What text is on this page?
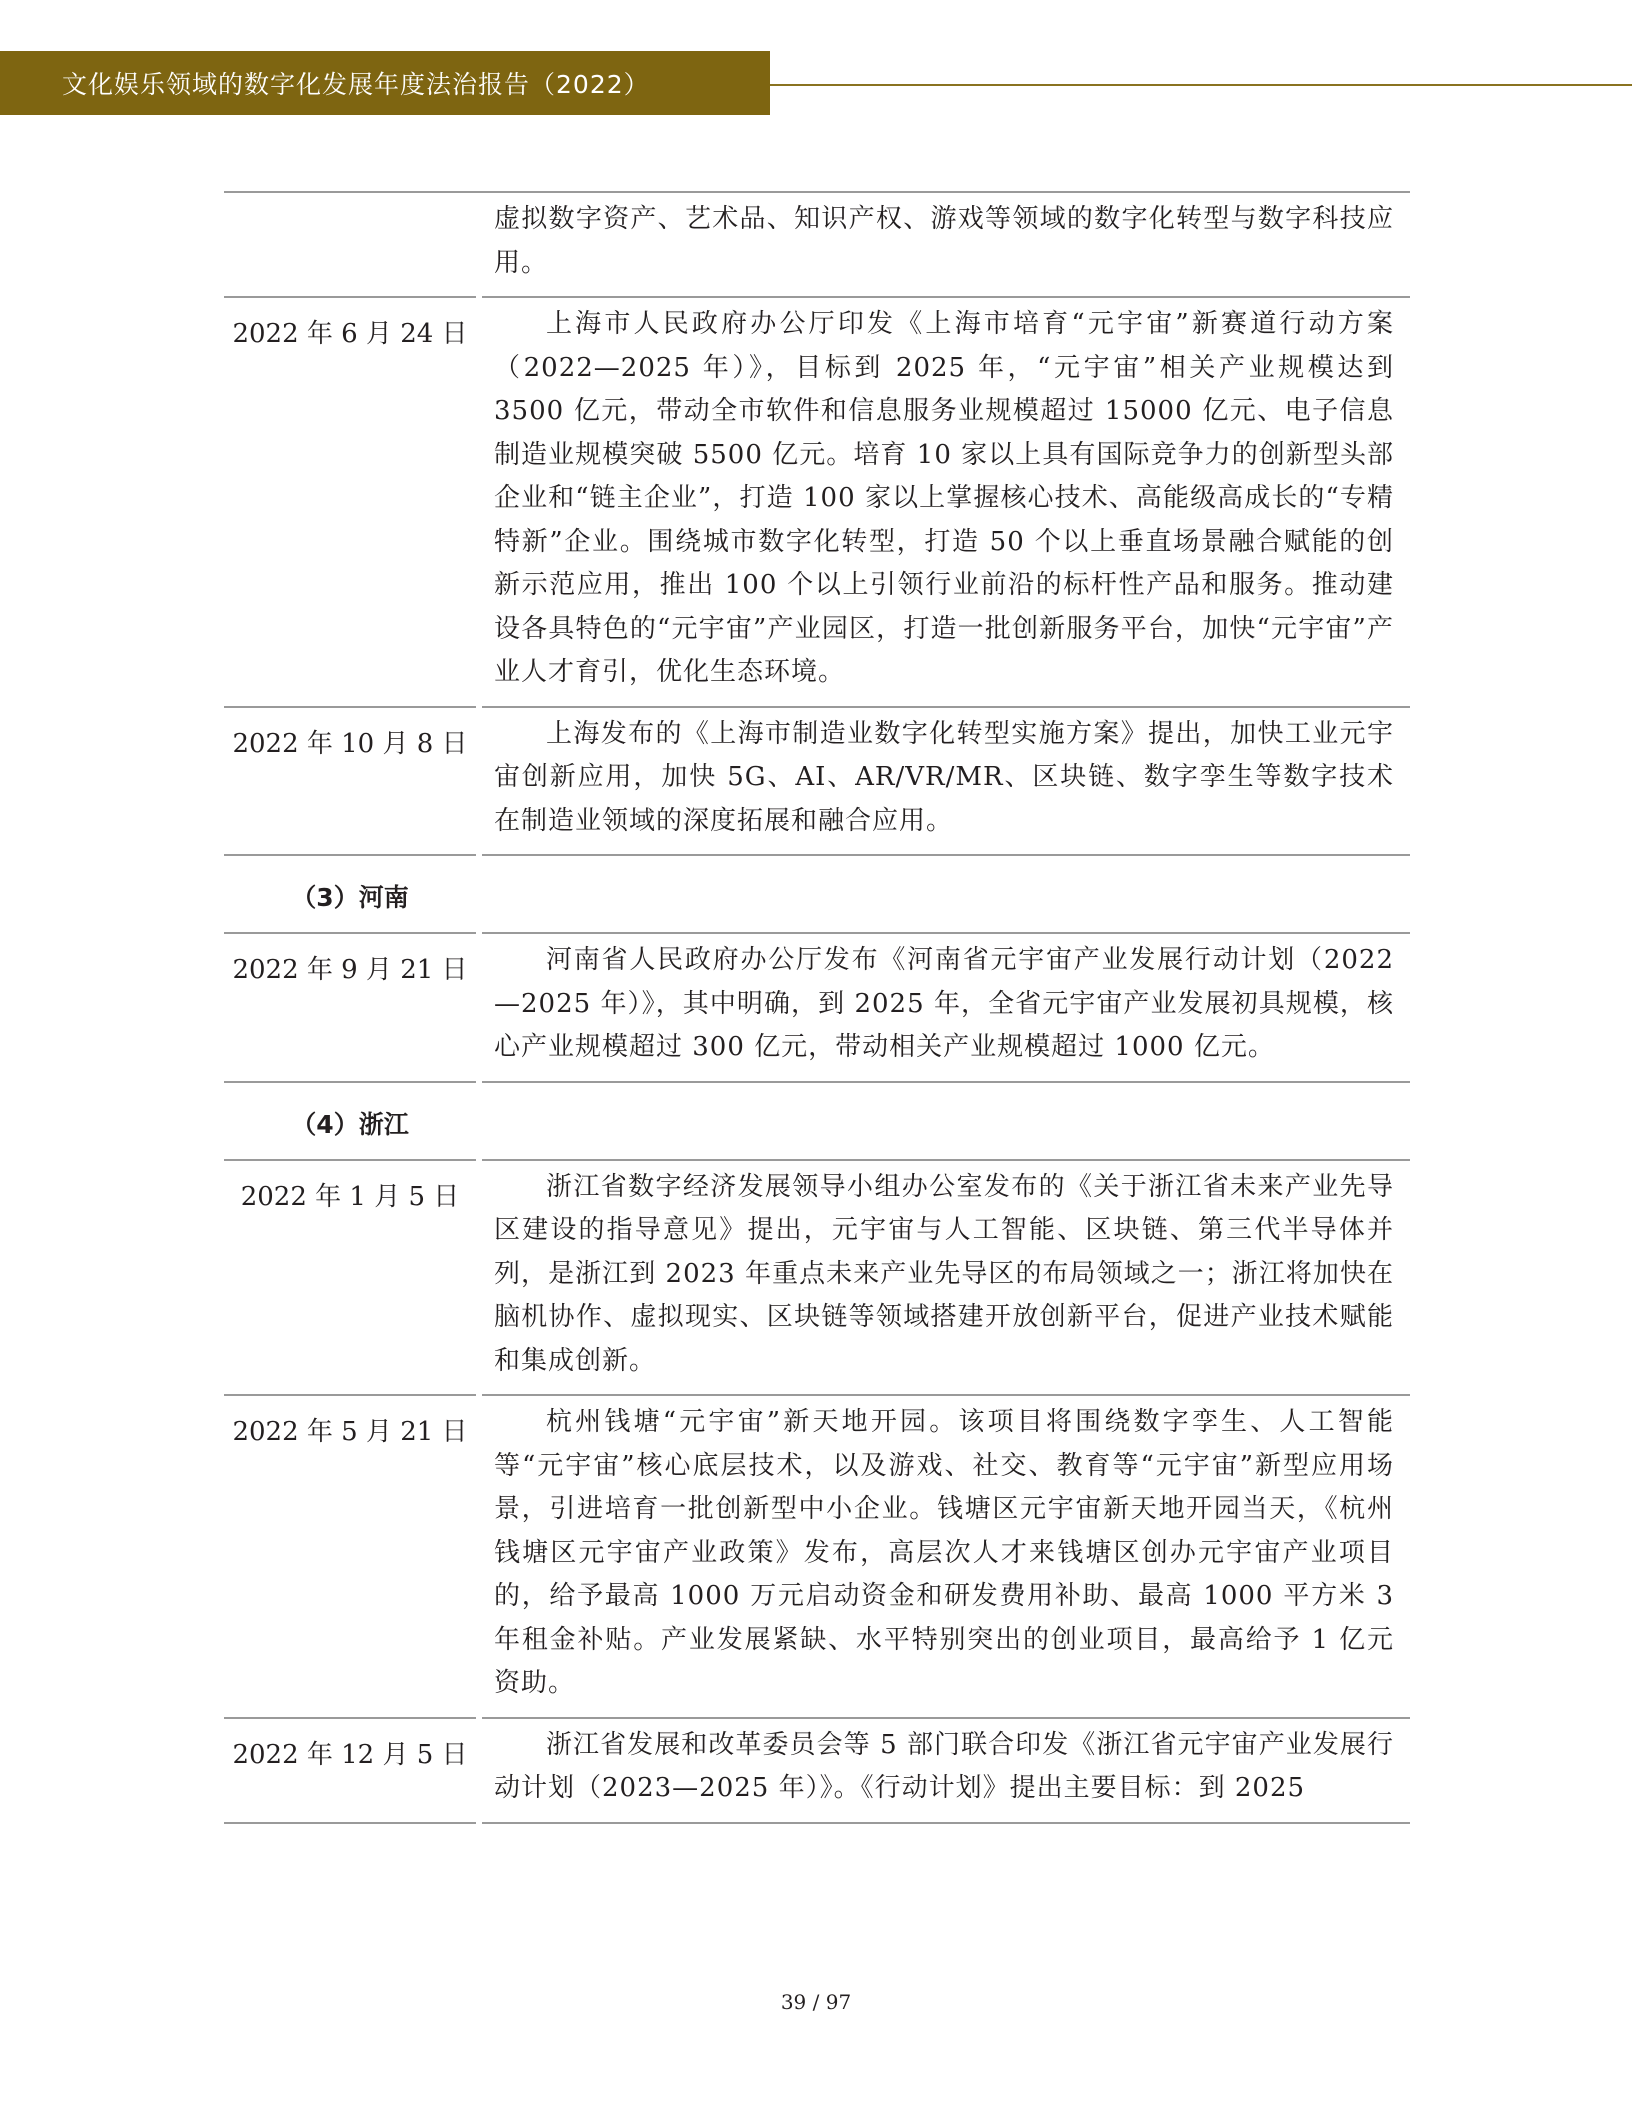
文化娱乐领域的数字化发展年度法治报告（2022）
虚拟数字资产、艺术品、知识产权、游戏等领域的数字化转型与数字科技应用。
2022 年 6 月 24 日	上海市人民政府办公厅印发《上海市培育“元宇宙”新赛道行动方案（2022—2025 年）》，目标到 2025 年，“元宇宙”相关产业规模达到 3500 亿元，带动全市软件和信息服务业规模超过 15000 亿元、电子信息制造业规模突破 5500 亿元。培育 10 家以上具有国际竞争力的创新型头部企业和“链主企业”，打造 100 家以上掌握核心技术、高能级高成长的“专精特新”企业。围绕城市数字化转型，打造 50 个以上垂直场景融合赋能的创新示范应用，推出 100 个以上引领行业前沿的标杆性产品和服务。推动建设各具特色的“元宇宙”产业园区，打造一批创新服务平台，加快“元宇宙”产业人才育引，优化生态环境。
2022 年 10 月 8 日	上海发布的《上海市制造业数字化转型实施方案》提出，加快工业元宇宙创新应用，加快 5G、AI、AR/VR/MR、区块链、数字孪生等数字技术在制造业领域的深度拓展和融合应用。
（3）河南
2022 年 9 月 21 日	河南省人民政府办公厅发布《河南省元宇宙产业发展行动计划（2022—2025 年）》，其中明确，到 2025 年，全省元宇宙产业发展初具规模，核心产业规模超过 300 亿元，带动相关产业规模超过 1000 亿元。
（4）浙江
2022 年 1 月 5 日	浙江省数字经济发展领导小组办公室发布的《关于浙江省未来产业先导区建设的指导意见》提出，元宇宙与人工智能、区块链、第三代半导体并列，是浙江到 2023 年重点未来产业先导区的布局领域之一；浙江将加快在脑机协作、虚拟现实、区块链等领域搭建开放创新平台，促进产业技术赋能和集成创新。
2022 年 5 月 21 日	杭州钱塘“元宇宙”新天地开园。该项目将围绕数字孪生、人工智能等“元宇宙”核心底层技术，以及游戏、社交、教育等“元宇宙”新型应用场景，引进培育一批创新型中小企业。钱塘区元宇宙新天地开园当天，《杭州钱塘区元宇宙产业政策》发布，高层次人才来钱塘区创办元宇宙产业项目的，给予最高 1000 万元启动资金和研发费用补助、最高 1000 平方米 3 年租金补贴。产业发展紧缺、水平特别突出的创业项目，最高给予 1 亿元资助。
2022 年 12 月 5 日	浙江省发展和改革委员会等 5 部门联合印发《浙江省元宇宙产业发展行动计划（2023—2025 年）》。《行动计划》提出主要目标：到 2025
39 / 97
